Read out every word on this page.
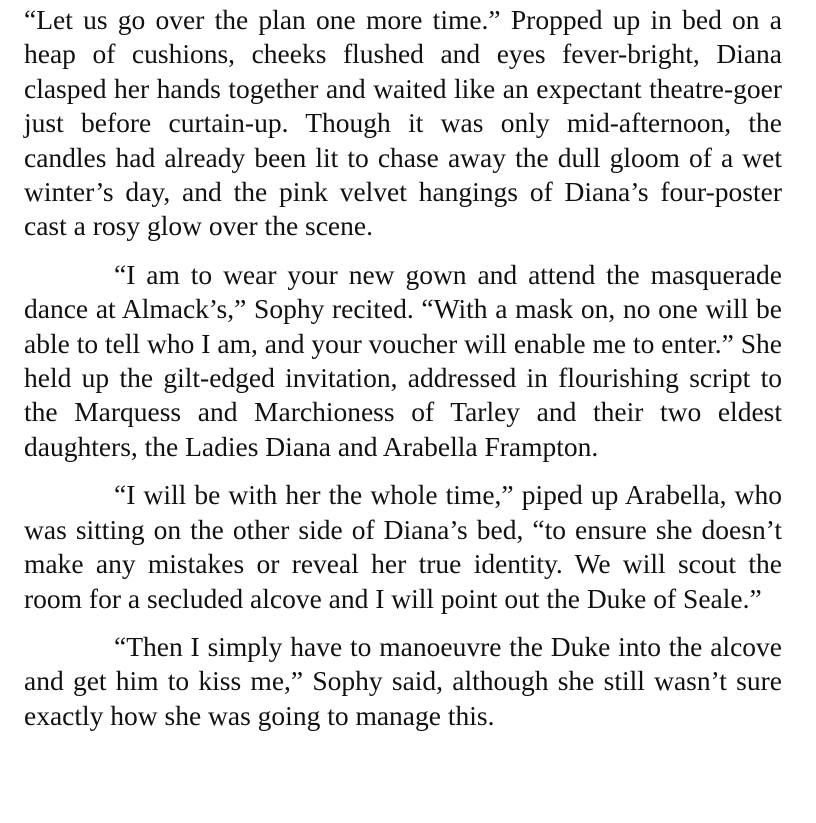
“Let us go over the plan one more time.” Propped up in bed on a heap of cushions, cheeks flushed and eyes fever-bright, Diana clasped her hands together and waited like an expectant theatre-goer just before curtain-up. Though it was only mid-afternoon, the candles had already been lit to chase away the dull gloom of a wet winter’s day, and the pink velvet hangings of Diana’s four-poster cast a rosy glow over the scene.

“I am to wear your new gown and attend the masquerade dance at Almack’s,” Sophy recited. “With a mask on, no one will be able to tell who I am, and your voucher will enable me to enter.” She held up the gilt-edged invitation, addressed in flourishing script to the Marquess and Marchioness of Tarley and their two eldest daughters, the Ladies Diana and Arabella Frampton.

“I will be with her the whole time,” piped up Arabella, who was sitting on the other side of Diana’s bed, “to ensure she doesn’t make any mistakes or reveal her true identity. We will scout the room for a secluded alcove and I will point out the Duke of Seale.”

“Then I simply have to manoeuvre the Duke into the alcove and get him to kiss me,” Sophy said, although she still wasn’t sure exactly how she was going to manage this.
